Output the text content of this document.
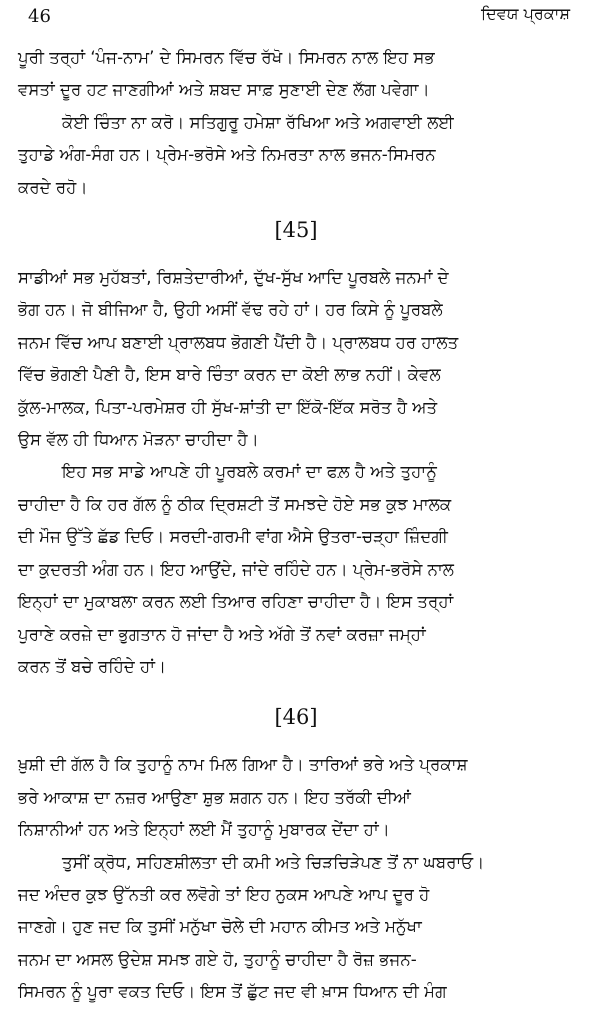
46	ਦਿਵਯ ਪ੍ਰਕਾਸ਼

ਪੂਰੀ ਤਰ੍ਹਾਂ ‘ਪੰਜ-ਨਾਮ’ ਦੇ ਸਿਮਰਨ ਵਿੱਚ ਰੱਖੋ। ਸਿਮਰਨ ਨਾਲ ਇਹ ਸਭ
ਵਸਤਾਂ ਦੂਰ ਹਟ ਜਾਣਗੀਆਂ ਅਤੇ ਸ਼ਬਦ ਸਾਫ਼ ਸੁਣਾਈ ਦੇਣ ਲੱਗ ਪਵੇਗਾ।

ਕੋਈ ਚਿੰਤਾ ਨਾ ਕਰੋ। ਸਤਿਗੁਰੂ ਹਮੇਸ਼ਾ ਰੱਖਿਆ ਅਤੇ ਅਗਵਾਈ ਲਈ
ਤੁਹਾਡੇ ਅੰਗ-ਸੰਗ ਹਨ। ਪ੍ਰੇਮ-ਭਰੋਸੇ ਅਤੇ ਨਿਮਰਤਾ ਨਾਲ ਭਜਨ-ਸਿਮਰਨ
ਕਰਦੇ ਰਹੋ।

[45]

ਸਾਡੀਆਂ ਸਭ ਮੁਹੱਬਤਾਂ, ਰਿਸ਼ਤੇਦਾਰੀਆਂ, ਦੁੱਖ-ਸੁੱਖ ਆਦਿ ਪੂਰਬਲੇ ਜਨਮਾਂ ਦੇ
ਭੋਗ ਹਨ। ਜੋ ਬੀਜਿਆ ਹੈ, ਉਹੀ ਅਸੀਂ ਵੱਢ ਰਹੇ ਹਾਂ। ਹਰ ਕਿਸੇ ਨੂੰ ਪੂਰਬਲੇ
ਜਨਮ ਵਿੱਚ ਆਪ ਬਣਾਈ ਪ੍ਰਾਲਬਧ ਭੋਗਣੀ ਪੈਂਦੀ ਹੈ। ਪ੍ਰਾਲਬਧ ਹਰ ਹਾਲਤ
ਵਿੱਚ ਭੋਗਣੀ ਪੈਣੀ ਹੈ, ਇਸ ਬਾਰੇ ਚਿੰਤਾ ਕਰਨ ਦਾ ਕੋਈ ਲਾਭ ਨਹੀਂ। ਕੇਵਲ
ਕੁੱਲ-ਮਾਲਕ, ਪਿਤਾ-ਪਰਮੇਸ਼ਰ ਹੀ ਸੁੱਖ-ਸ਼ਾਂਤੀ ਦਾ ਇੱਕੋ-ਇੱਕ ਸਰੋਤ ਹੈ ਅਤੇ
ਉਸ ਵੱਲ ਹੀ ਧਿਆਨ ਮੋੜਨਾ ਚਾਹੀਦਾ ਹੈ।

ਇਹ ਸਭ ਸਾਡੇ ਆਪਣੇ ਹੀ ਪੂਰਬਲੇ ਕਰਮਾਂ ਦਾ ਫਲ਼ ਹੈ ਅਤੇ ਤੁਹਾਨੂੰ
ਚਾਹੀਦਾ ਹੈ ਕਿ ਹਰ ਗੱਲ ਨੂੰ ਠੀਕ ਦ੍ਰਿਸ਼ਟੀ ਤੋਂ ਸਮਝਦੇ ਹੋਏ ਸਭ ਕੁਝ ਮਾਲਕ
ਦੀ ਮੌਜ ਉੱਤੇ ਛੱਡ ਦਿਓ। ਸਰਦੀ-ਗਰਮੀ ਵਾਂਗ ਐਸੇ ਉਤਰਾ-ਚੜ੍ਹਾ ਜ਼ਿੰਦਗੀ
ਦਾ ਕੁਦਰਤੀ ਅੰਗ ਹਨ। ਇਹ ਆਉਂਦੇ, ਜਾਂਦੇ ਰਹਿੰਦੇ ਹਨ। ਪ੍ਰੇਮ-ਭਰੋਸੇ ਨਾਲ
ਇਨ੍ਹਾਂ ਦਾ ਮੁਕਾਬਲਾ ਕਰਨ ਲਈ ਤਿਆਰ ਰਹਿਣਾ ਚਾਹੀਦਾ ਹੈ। ਇਸ ਤਰ੍ਹਾਂ
ਪੁਰਾਣੇ ਕਰਜ਼ੇ ਦਾ ਭੁਗਤਾਨ ਹੋ ਜਾਂਦਾ ਹੈ ਅਤੇ ਅੱਗੇ ਤੋਂ ਨਵਾਂ ਕਰਜ਼ਾ ਜਮ੍ਹਾਂ
ਕਰਨ ਤੋਂ ਬਚੇ ਰਹਿੰਦੇ ਹਾਂ।

[46]

ਖ਼ੁਸ਼ੀ ਦੀ ਗੱਲ ਹੈ ਕਿ ਤੁਹਾਨੂੰ ਨਾਮ ਮਿਲ ਗਿਆ ਹੈ। ਤਾਰਿਆਂ ਭਰੇ ਅਤੇ ਪ੍ਰਕਾਸ਼
ਭਰੇ ਆਕਾਸ਼ ਦਾ ਨਜ਼ਰ ਆਉਣਾ ਸ਼ੁਭ ਸ਼ਗਨ ਹਨ। ਇਹ ਤਰੱਕੀ ਦੀਆਂ
ਨਿਸ਼ਾਨੀਆਂ ਹਨ ਅਤੇ ਇਨ੍ਹਾਂ ਲਈ ਮੈਂ ਤੁਹਾਨੂੰ ਮੁਬਾਰਕ ਦੇਂਦਾ ਹਾਂ।

ਤੁਸੀਂ ਕ੍ਰੋਧ, ਸਹਿਣਸ਼ੀਲਤਾ ਦੀ ਕਮੀ ਅਤੇ ਚਿੜਚਿੜੇਪਣ ਤੋਂ ਨਾ ਘਬਰਾਓ।
ਜਦ ਅੰਦਰ ਕੁਝ ਉੱਨਤੀ ਕਰ ਲਵੋਗੇ ਤਾਂ ਇਹ ਨੁਕਸ ਆਪਣੇ ਆਪ ਦੂਰ ਹੋ
ਜਾਣਗੇ। ਹੁਣ ਜਦ ਕਿ ਤੁਸੀਂ ਮਨੁੱਖਾ ਚੋਲੇ ਦੀ ਮਹਾਨ ਕੀਮਤ ਅਤੇ ਮਨੁੱਖਾ
ਜਨਮ ਦਾ ਅਸਲ ਉਦੇਸ਼ ਸਮਝ ਗਏ ਹੋ, ਤੁਹਾਨੂੰ ਚਾਹੀਦਾ ਹੈ ਰੋਜ਼ ਭਜਨ-
ਸਿਮਰਨ ਨੂੰ ਪੂਰਾ ਵਕਤ ਦਿਓ। ਇਸ ਤੋਂ ਛੁੱਟ ਜਦ ਵੀ ਖ਼ਾਸ ਧਿਆਨ ਦੀ ਮੰਗ
